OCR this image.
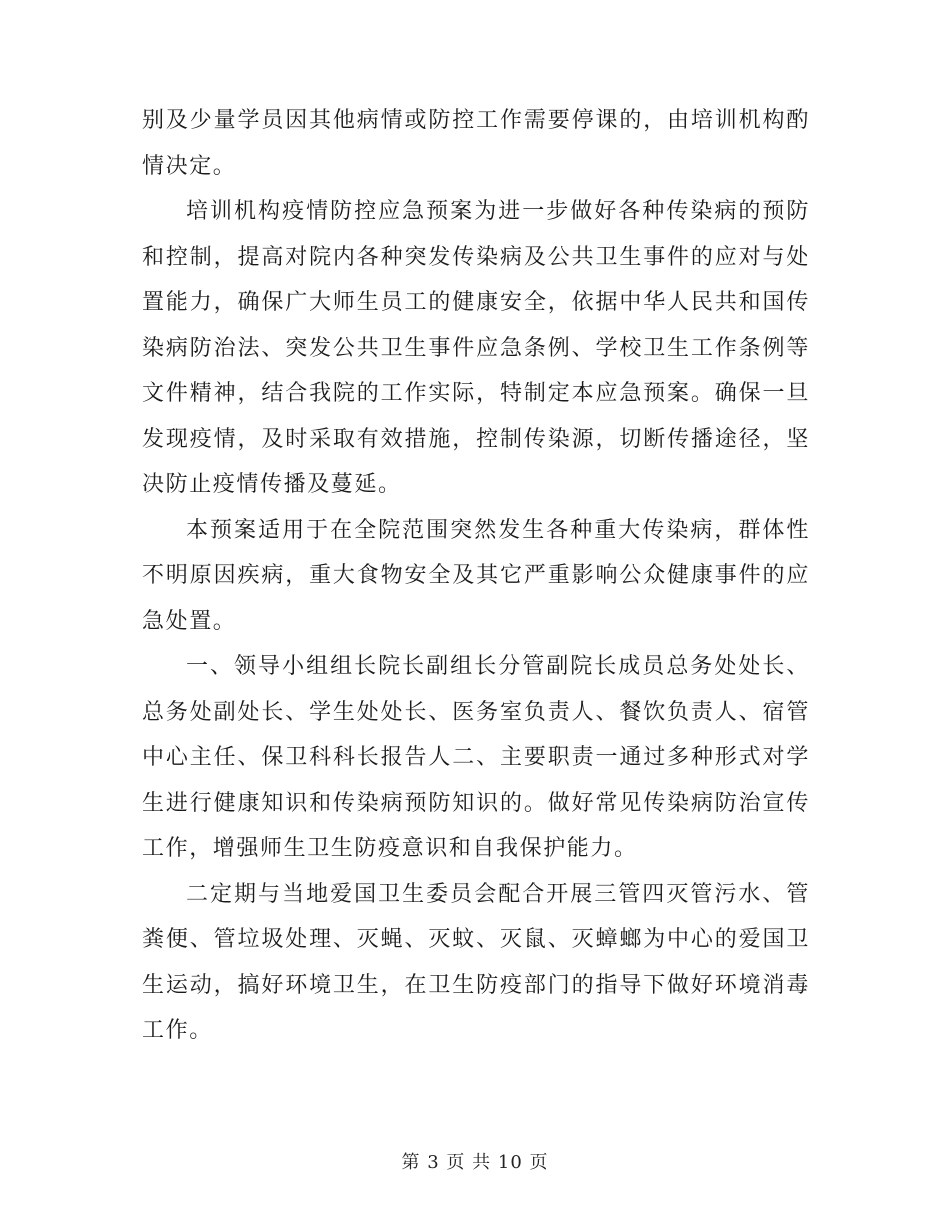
别及少量学员因其他病情或防控工作需要停课的，由培训机构酌情决定。

培训机构疫情防控应急预案为进一步做好各种传染病的预防和控制，提高对院内各种突发传染病及公共卫生事件的应对与处置能力，确保广大师生员工的健康安全，依据中华人民共和国传染病防治法、突发公共卫生事件应急条例、学校卫生工作条例等文件精神，结合我院的工作实际，特制定本应急预案。确保一旦发现疫情，及时采取有效措施，控制传染源，切断传播途径，坚决防止疫情传播及蔓延。

本预案适用于在全院范围突然发生各种重大传染病，群体性不明原因疾病，重大食物安全及其它严重影响公众健康事件的应急处置。

一、领导小组组长院长副组长分管副院长成员总务处处长、总务处副处长、学生处处长、医务室负责人、餐饮负责人、宿管中心主任、保卫科科长报告人二、主要职责一通过多种形式对学生进行健康知识和传染病预防知识的。做好常见传染病防治宣传工作，增强师生卫生防疫意识和自我保护能力。

二定期与当地爱国卫生委员会配合开展三管四灭管污水、管粪便、管垃圾处理、灭蝇、灭蚊、灭鼠、灭蟑螂为中心的爱国卫生运动，搞好环境卫生，在卫生防疫部门的指导下做好环境消毒工作。

第 3 页 共 10 页
